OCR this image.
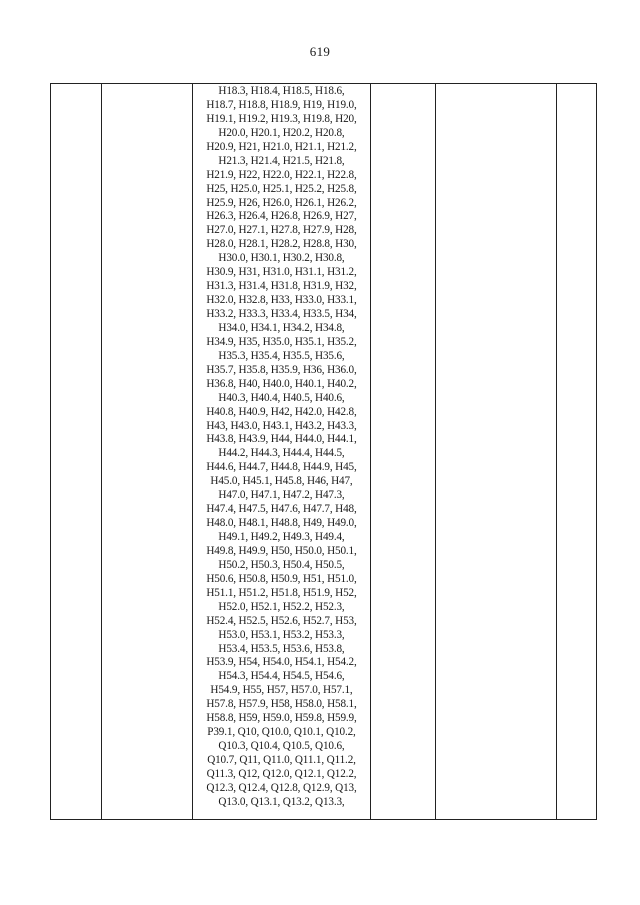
619

H18.3, H18.4, H18.5, H18.6,
H18.7, H18.8, H18.9, H19, H19.0,
H19.1, H19.2, H19.3, H19.8, H20,
H20.0, H20.1, H20.2, H20.8,
H20.9, H21, H21.0, H21.1, H21.2,
H21.3, H21.4, H21.5, H21.8,
H21.9, H22, H22.0, H22.1, H22.8,
H25, H25.0, H25.1, H25.2, H25.8,
H25.9, H26, H26.0, H26.1, H26.2,
H26.3, H26.4, H26.8, H26.9, H27,
H27.0, H27.1, H27.8, H27.9, H28,
H28.0, H28.1, H28.2, H28.8, H30,
H30.0, H30.1, H30.2, H30.8,
H30.9, H31, H31.0, H31.1, H31.2,
H31.3, H31.4, H31.8, H31.9, H32,
H32.0, H32.8, H33, H33.0, H33.1,
H33.2, H33.3, H33.4, H33.5, H34,
H34.0, H34.1, H34.2, H34.8,
H34.9, H35, H35.0, H35.1, H35.2,
H35.3, H35.4, H35.5, H35.6,
H35.7, H35.8, H35.9, H36, H36.0,
H36.8, H40, H40.0, H40.1, H40.2,
H40.3, H40.4, H40.5, H40.6,
H40.8, H40.9, H42, H42.0, H42.8,
H43, H43.0, H43.1, H43.2, H43.3,
H43.8, H43.9, H44, H44.0, H44.1,
H44.2, H44.3, H44.4, H44.5,
H44.6, H44.7, H44.8, H44.9, H45,
H45.0, H45.1, H45.8, H46, H47,
H47.0, H47.1, H47.2, H47.3,
H47.4, H47.5, H47.6, H47.7, H48,
H48.0, H48.1, H48.8, H49, H49.0,
H49.1, H49.2, H49.3, H49.4,
H49.8, H49.9, H50, H50.0, H50.1,
H50.2, H50.3, H50.4, H50.5,
H50.6, H50.8, H50.9, H51, H51.0,
H51.1, H51.2, H51.8, H51.9, H52,
H52.0, H52.1, H52.2, H52.3,
H52.4, H52.5, H52.6, H52.7, H53,
H53.0, H53.1, H53.2, H53.3,
H53.4, H53.5, H53.6, H53.8,
H53.9, H54, H54.0, H54.1, H54.2,
H54.3, H54.4, H54.5, H54.6,
H54.9, H55, H57, H57.0, H57.1,
H57.8, H57.9, H58, H58.0, H58.1,
H58.8, H59, H59.0, H59.8, H59.9,
P39.1, Q10, Q10.0, Q10.1, Q10.2,
Q10.3, Q10.4, Q10.5, Q10.6,
Q10.7, Q11, Q11.0, Q11.1, Q11.2,
Q11.3, Q12, Q12.0, Q12.1, Q12.2,
Q12.3, Q12.4, Q12.8, Q12.9, Q13,
Q13.0, Q13.1, Q13.2, Q13.3,
